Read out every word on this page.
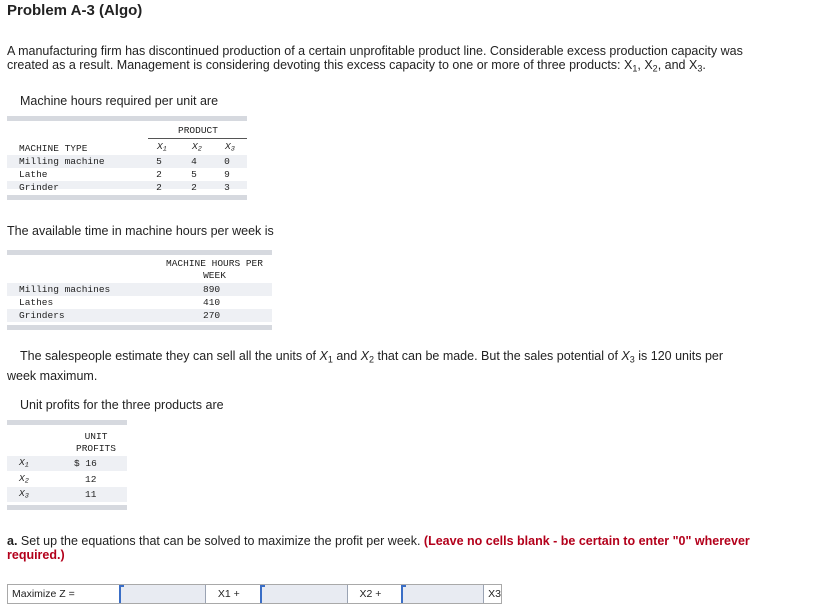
Problem A-3 (Algo)
A manufacturing firm has discontinued production of a certain unprofitable product line. Considerable excess production capacity was
created as a result. Management is considering devoting this excess capacity to one or more of three products: $X_1$, $X_2$, and $X_3$.
Machine hours required per unit are
PRODUCT
MACHINE TYPE	$X_1$	$X_2$ $X_3$
Milling machine	5	4	0
Lathe	2	5	9
Grinder	2	2	3
The available time in machine hours per week is
MACHINE HOURS PER
WEEK
Milling machines	890
Lathes	410
Grinders	270
The salespeople estimate they can sell all the units of $X_1$ and $X_2$ that can be made. But the sales potential of $X_3$ is 120 units per
week maximum.
Unit profits for the three products are
UNIT
PROFITS
$X_1$	$ 16
$X_2$	12
$X_3$	11
a. Set up the equations that can be solved to maximize the profit per week. (Leave no cells blank - be certain to enter "0" wherever
required.)
Maximize Z =	X1 +	X2 +	X3
